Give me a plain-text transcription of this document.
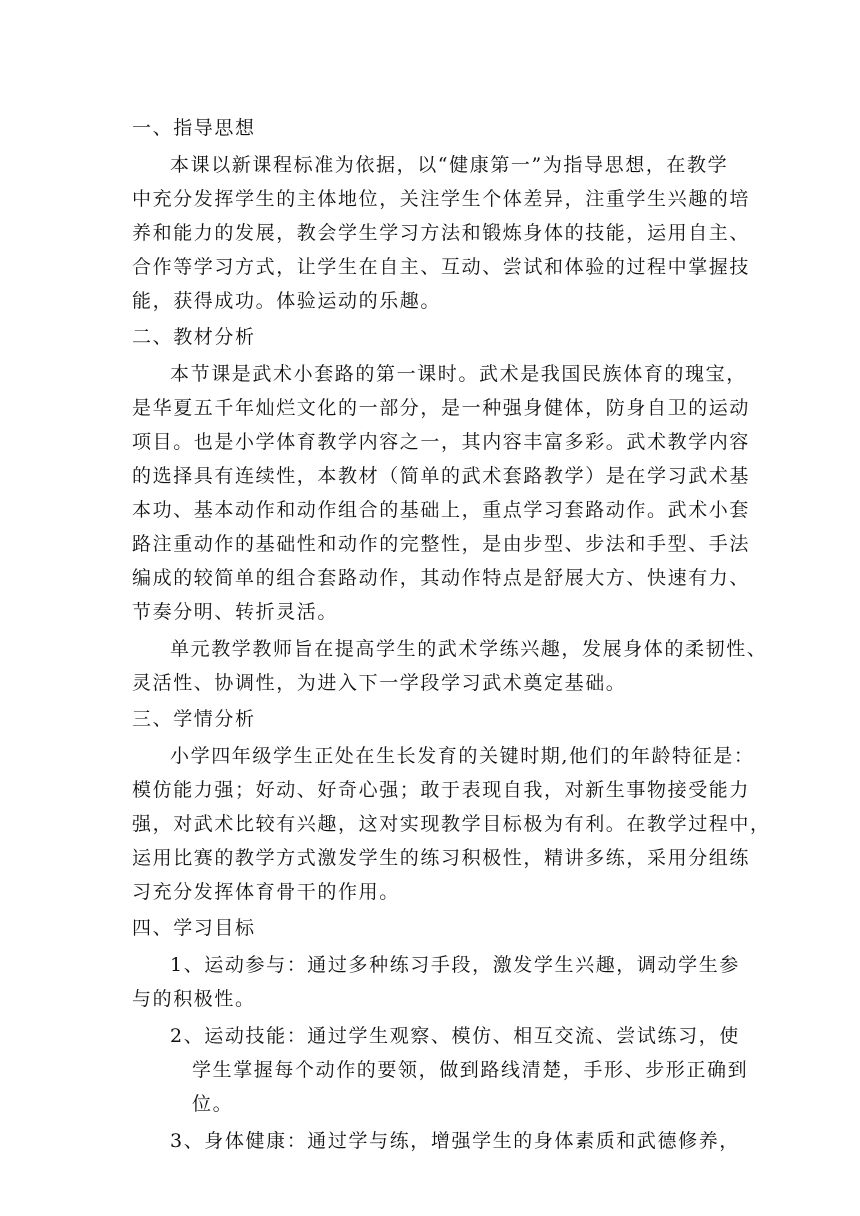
一、指导思想
本课以新课程标准为依据，以“健康第一”为指导思想，在教学
中充分发挥学生的主体地位，关注学生个体差异，注重学生兴趣的培
养和能力的发展，教会学生学习方法和锻炼身体的技能，运用自主、
合作等学习方式，让学生在自主、互动、尝试和体验的过程中掌握技
能，获得成功。体验运动的乐趣。
二、教材分析
本节课是武术小套路的第一课时。武术是我国民族体育的瑰宝，
是华夏五千年灿烂文化的一部分，是一种强身健体，防身自卫的运动
项目。也是小学体育教学内容之一，其内容丰富多彩。武术教学内容
的选择具有连续性，本教材（简单的武术套路教学）是在学习武术基
本功、基本动作和动作组合的基础上，重点学习套路动作。武术小套
路注重动作的基础性和动作的完整性，是由步型、步法和手型、手法
编成的较简单的组合套路动作，其动作特点是舒展大方、快速有力、
节奏分明、转折灵活。
单元教学教师旨在提高学生的武术学练兴趣，发展身体的柔韧性、
灵活性、协调性，为进入下一学段学习武术奠定基础。
三、学情分析
小学四年级学生正处在生长发育的关键时期,他们的年龄特征是：
模仿能力强；好动、好奇心强；敢于表现自我，对新生事物接受能力
强，对武术比较有兴趣，这对实现教学目标极为有利。在教学过程中，
运用比赛的教学方式激发学生的练习积极性，精讲多练，采用分组练
习充分发挥体育骨干的作用。
四、学习目标
1、运动参与：通过多种练习手段，激发学生兴趣，调动学生参
与的积极性。
2、运动技能：通过学生观察、模仿、相互交流、尝试练习，使
学生掌握每个动作的要领，做到路线清楚，手形、步形正确到
位。
3、身体健康：通过学与练，增强学生的身体素质和武德修养，
